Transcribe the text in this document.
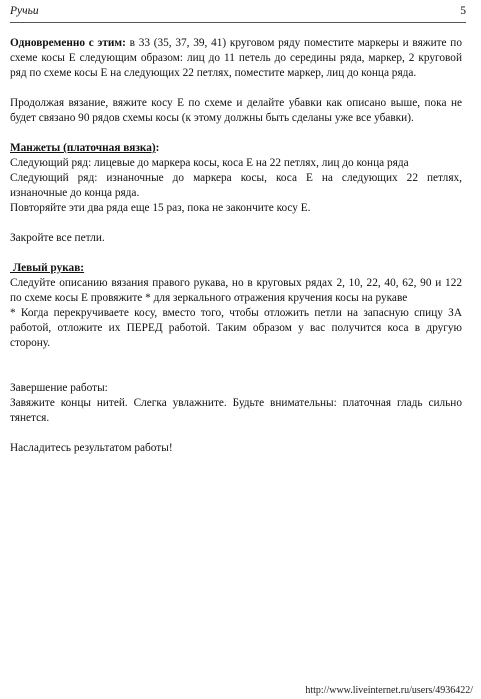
Ручьи	5
Одновременно с этим: в 33 (35, 37, 39, 41) круговом ряду поместите маркеры и вяжите по
схеме косы Е следующим образом: лиц до 11 петель до середины ряда, маркер, 2 круговой
ряд по схеме косы Е на следующих 22 петлях, поместите маркер, лиц до конца ряда.
Продолжая вязание, вяжите косу Е по схеме и делайте убавки как описано выше, пока не
будет связано 90 рядов схемы косы (к этому должны быть сделаны уже все убавки).
Манжеты (платочная вязка):
Следующий ряд: лицевые до маркера косы, коса Е на 22 петлях, лиц до конца ряда
Следующий ряд: изнаночные до маркера косы, коса Е на следующих 22 петлях,
изнаночные до конца ряда.
Повторяйте эти два ряда еще 15 раз, пока не закончите косу Е.
Закройте все петли.
Левый рукав:
Следуйте описанию вязания правого рукава, но в круговых рядах 2, 10, 22, 40, 62, 90 и 122
по схеме косы Е провяжите * для зеркального отражения кручения косы на рукаве
* Когда перекручиваете косу, вместо того, чтобы отложить петли на запасную спицу ЗА
работой, отложите их ПЕРЕД работой. Таким образом у вас получится коса в другую
сторону.
Завершение работы:
Завяжите концы нитей. Слегка увлажните. Будьте внимательны: платочная гладь сильно
тянется.
Насладитесь результатом работы!
http://www.liveinternet.ru/users/4936422/
